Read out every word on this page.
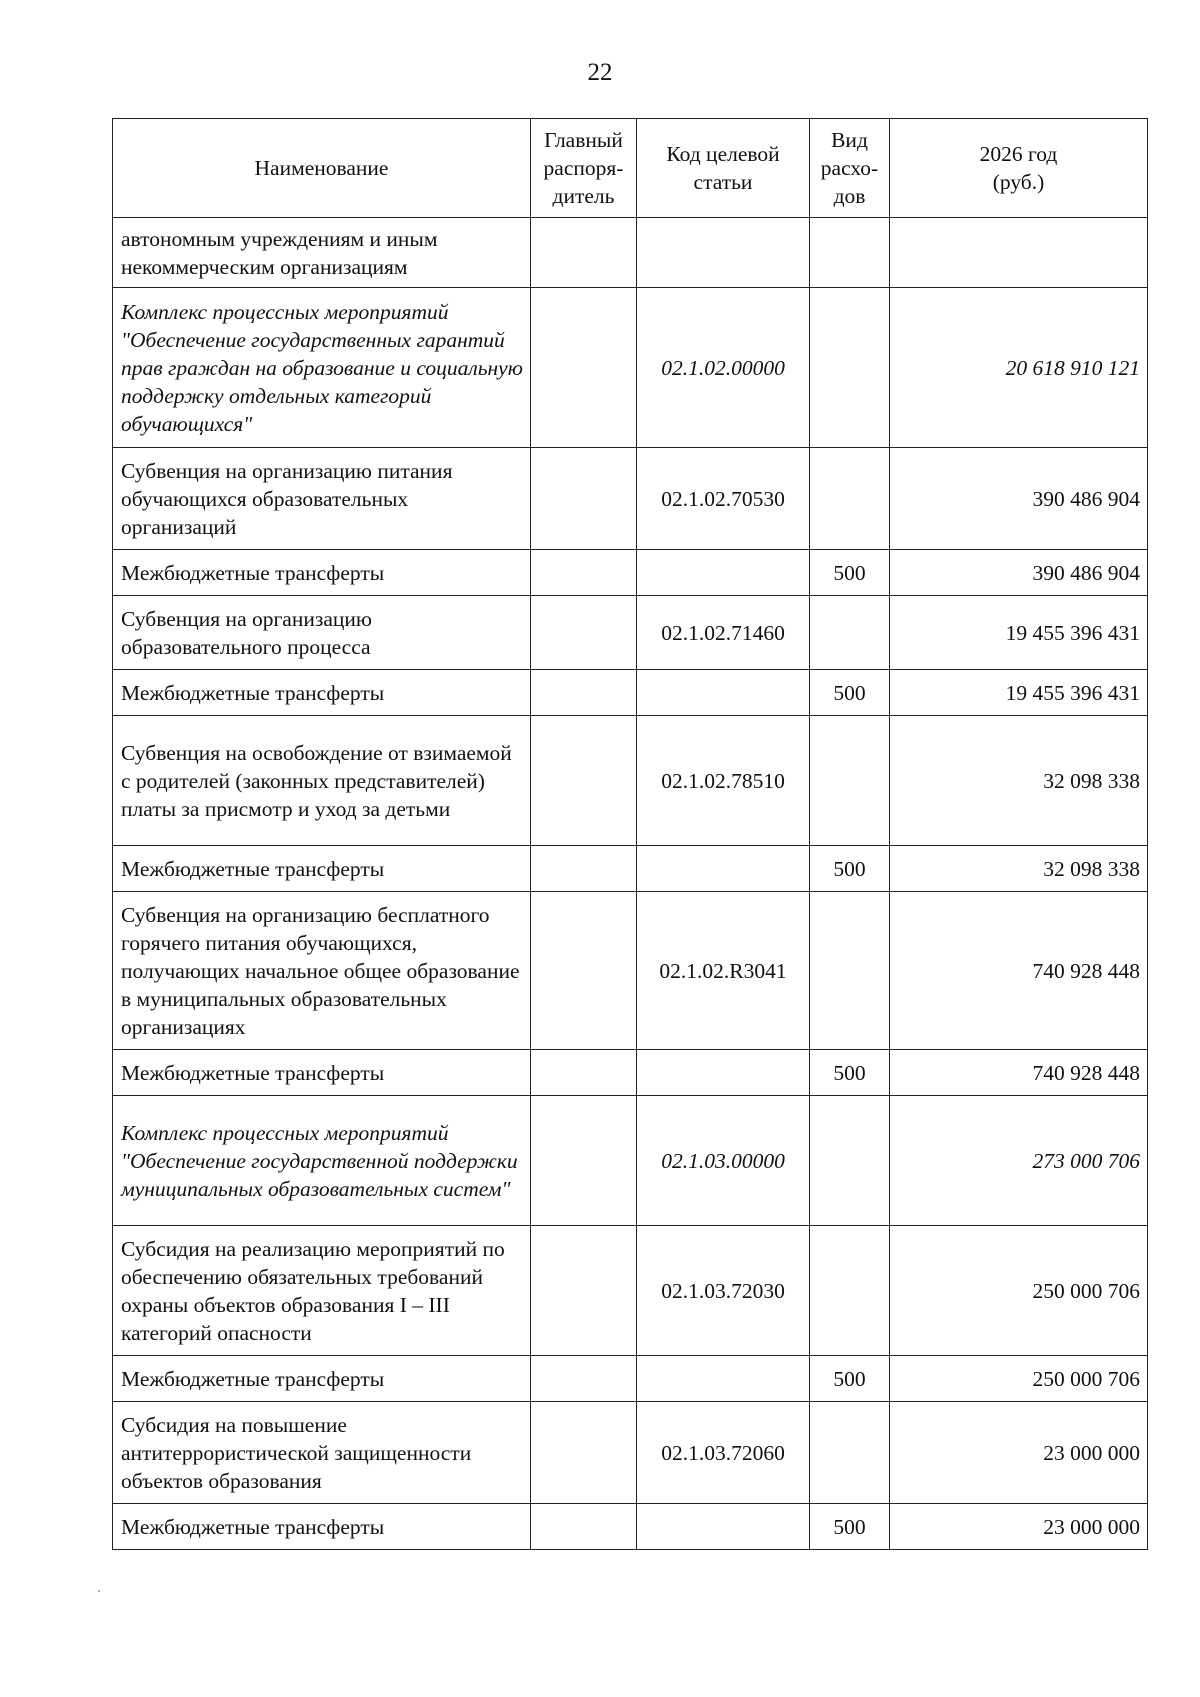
22
Наименование	Главный распоря-дитель	Код целевой статьи	Вид расхо-дов	2026 год (руб.)

автономным учреждениям и иным некоммерческим организациям				
Комплекс процессных мероприятий "Обеспечение государственных гарантий прав граждан на образование и социальную поддержку отдельных категорий обучающихся"		02.1.02.00000		20 618 910 121
Субвенция на организацию питания обучающихся образовательных организаций		02.1.02.70530		390 486 904
Межбюджетные трансферты			500	390 486 904
Субвенция на организацию образовательного процесса		02.1.02.71460		19 455 396 431
Межбюджетные трансферты			500	19 455 396 431
Субвенция на освобождение от взимаемой с родителей (законных представителей) платы за присмотр и уход за детьми		02.1.02.78510		32 098 338
Межбюджетные трансферты			500	32 098 338
Субвенция на организацию бесплатного горячего питания обучающихся, получающих начальное общее образование в муниципальных образовательных организациях		02.1.02.R3041		740 928 448
Межбюджетные трансферты			500	740 928 448
Комплекс процессных мероприятий "Обеспечение государственной поддержки муниципальных образовательных систем"		02.1.03.00000		273 000 706
Субсидия на реализацию мероприятий по обеспечению обязательных требований охраны объектов образования I – III категорий опасности		02.1.03.72030		250 000 706
Межбюджетные трансферты			500	250 000 706
Субсидия на повышение антитеррористической защищенности объектов образования		02.1.03.72060		23 000 000
Межбюджетные трансферты			500	23 000 000
